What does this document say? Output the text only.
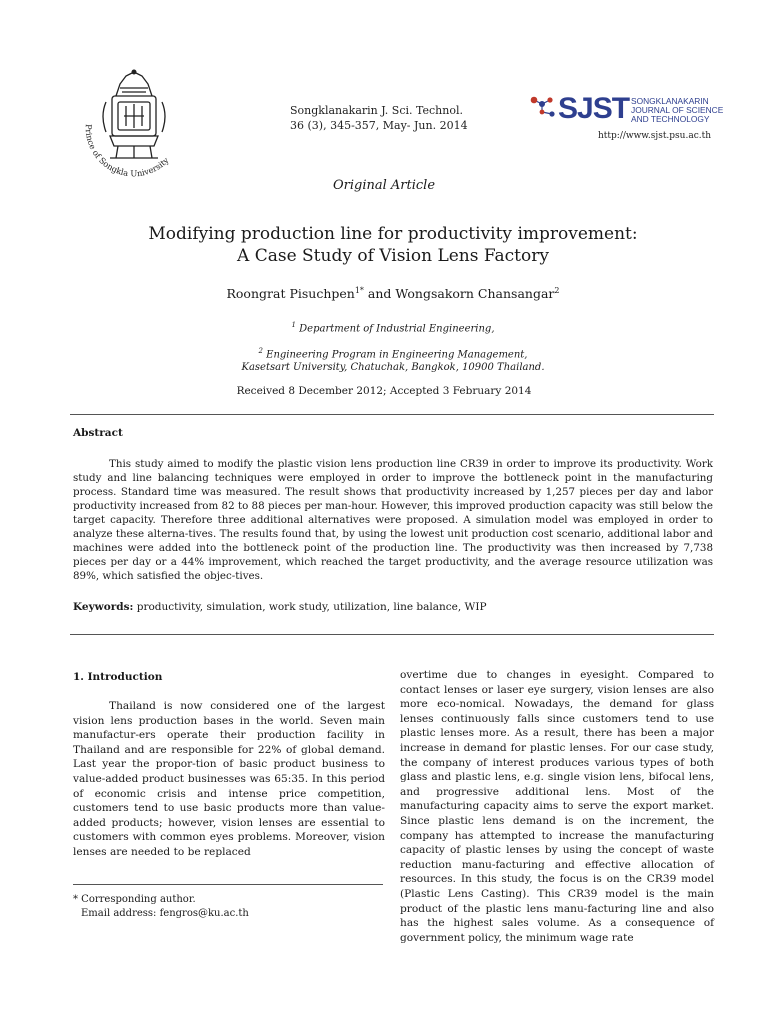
Prince of Songkla University
Songklanakarin J. Sci. Technol.
36 (3), 345-357, May- Jun. 2014
SJST SONGKLANAKARIN
JOURNAL OF SCIENCE
AND TECHNOLOGY
http://www.sjst.psu.ac.th
Original Article
Modifying production line for productivity improvement:
A Case Study of Vision Lens Factory
Roongrat Pisuchpen$^{1*}$ and Wongsakorn Chansangar$^2$
$^1$ Department of Industrial Engineering,
$^2$ Engineering Program in Engineering Management,
Kasetsart University, Chatuchak, Bangkok, 10900 Thailand.
Received 8 December 2012; Accepted 3 February 2014
Abstract

This study aimed to modify the plastic vision lens production line CR39 in order to improve its productivity. Work study and line balancing techniques were employed in order to improve the bottleneck point in the manufacturing process. Standard time was measured. The result shows that productivity increased by 1,257 pieces per day and labor productivity increased from 82 to 88 pieces per man-hour. However, this improved production capacity was still below the target capacity. Therefore three additional alternatives were proposed. A simulation model was employed in order to analyze these alterna-tives. The results found that, by using the lowest unit production cost scenario, additional labor and machines were added into the bottleneck point of the production line. The productivity was then increased by 7,738 pieces per day or a 44% improvement, which reached the target productivity, and the average resource utilization was 89%, which satisfied the objec-tives.

Keywords: productivity, simulation, work study, utilization, line balance, WIP
1. Introduction

Thailand is now considered one of the largest vision lens production bases in the world. Seven main manufactur-ers operate their production facility in Thailand and are responsible for 22% of global demand. Last year the propor-tion of basic product business to value-added product businesses was 65:35. In this period of economic crisis and intense price competition, customers tend to use basic products more than value-added products; however, vision lenses are essential to customers with common eyes problems. Moreover, vision lenses are needed to be replaced

overtime due to changes in eyesight. Compared to contact lenses or laser eye surgery, vision lenses are also more eco-nomical. Nowadays, the demand for glass lenses continuously falls since customers tend to use plastic lenses more. As a result, there has been a major increase in demand for plastic lenses. For our case study, the company of interest produces various types of both glass and plastic lens, e.g. single vision lens, bifocal lens, and progressive additional lens. Most of the manufacturing capacity aims to serve the export market. Since plastic lens demand is on the increment, the company has attempted to increase the manufacturing capacity of plastic lenses by using the concept of waste reduction manu-facturing and effective allocation of resources. In this study, the focus is on the CR39 model (Plastic Lens Casting). This CR39 model is the main product of the plastic lens manu-facturing line and also has the highest sales volume. As a consequence of government policy, the minimum wage rate

* Corresponding author.
Email address: fengros@ku.ac.th
